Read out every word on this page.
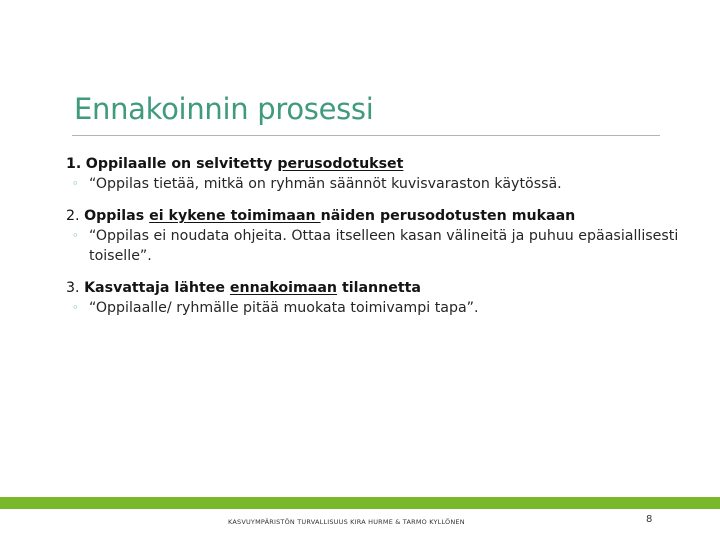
Ennakoinnin prosessi
1. Oppilaalle on selvitetty perusodotukset
◦ “Oppilas tietää, mitkä on ryhmän säännöt kuvisvaraston käytössä.
2. Oppilas ei kykene toimimaan näiden perusodotusten mukaan
◦ “Oppilas ei noudata ohjeita. Ottaa itselleen kasan välineitä ja puhuu epäasiallisesti toiselle”.
3. Kasvattaja lähtee ennakoimaan tilannetta
◦ “Oppilaalle/ ryhmälle pitää muokata toimivampi tapa”.
KASVUYMPÄRISTÖN TURVALLISUUS KIRA HURME & TARMO KYLLÖNEN	8
